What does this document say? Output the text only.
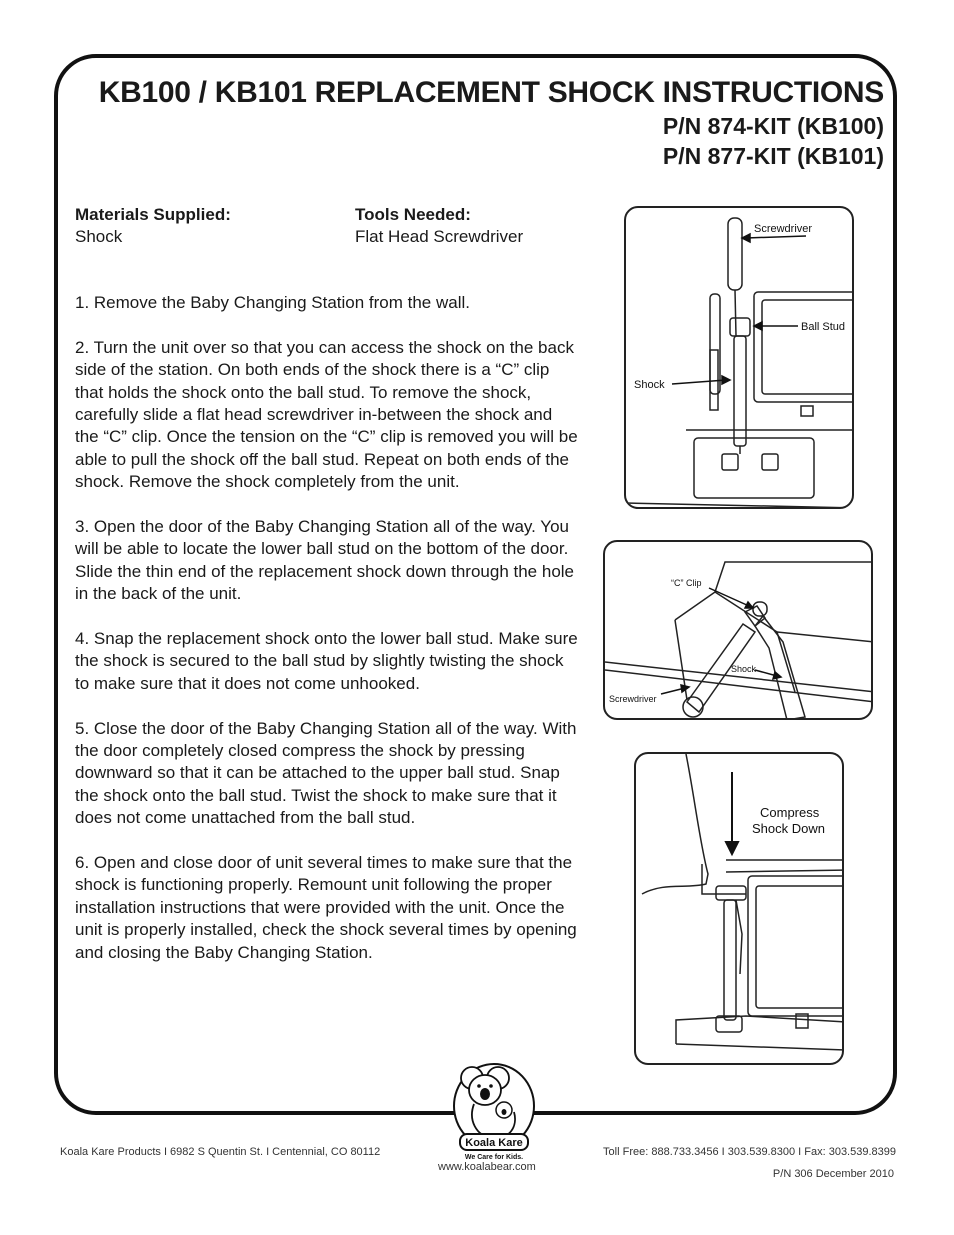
KB100 / KB101 REPLACEMENT SHOCK INSTRUCTIONS
P/N 874-KIT (KB100)
P/N 877-KIT (KB101)
Materials Supplied:
Shock
Tools Needed:
Flat Head Screwdriver

1. Remove the Baby Changing Station from the wall.

2. Turn the unit over so that you can access the shock on the back side of the station. On both ends of the shock there is a “C” clip that holds the shock onto the ball stud. To remove the shock, carefully slide a flat head screwdriver in-between the shock and the “C” clip. Once the tension on the “C” clip is removed you will be able to pull the shock off the ball stud. Repeat on both ends of the shock. Remove the shock completely from the unit.

3. Open the door of the Baby Changing Station all of the way. You will be able to locate the lower ball stud on the bottom of the door. Slide the thin end of the replacement shock down through the hole in the back of the unit.

4. Snap the replacement shock onto the lower ball stud. Make sure the shock is secured to the ball stud by slightly twisting the shock to make sure that it does not come unhooked.

5. Close the door of the Baby Changing Station all of the way. With the door completely closed compress the shock by pressing downward so that it can be attached to the upper ball stud. Snap the shock onto the ball stud. Twist the shock to make sure that it does not come unattached from the ball stud.

6. Open and close door of unit several times to make sure that the shock is functioning properly. Remount unit following the proper installation instructions that were provided with the unit. Once the unit is properly installed, check the shock several times by opening and closing the Baby Changing Station.

Screwdriver
Ball Stud
Shock
“C” Clip
Shock
Screwdriver
Compress
Shock Down
Koala Kare
We Care for Kids.
Koala Kare Products I 6982 S Quentin St. I Centennial, CO 80112
www.koalabear.com
Toll Free: 888.733.3456 I 303.539.8300 I Fax: 303.539.8399
P/N 306 December 2010
